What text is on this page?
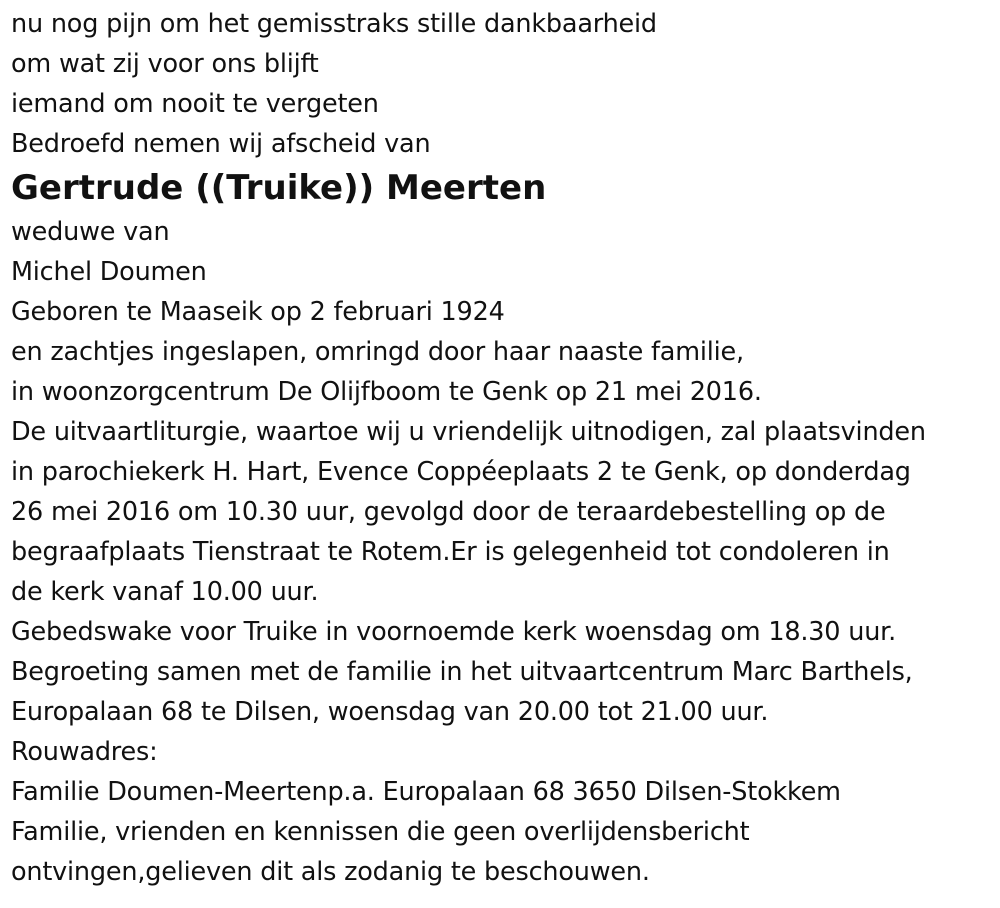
nu nog pijn om het gemisstraks stille dankbaarheid
om wat zij voor ons blijft
iemand om nooit te vergeten
Bedroefd nemen wij afscheid van
Gertrude ((Truike)) Meerten
weduwe van
Michel Doumen
Geboren te Maaseik op 2 februari 1924
en zachtjes ingeslapen, omringd door haar naaste familie,
in woonzorgcentrum De Olijfboom te Genk op 21 mei 2016.
De uitvaartliturgie, waartoe wij u vriendelijk uitnodigen, zal plaatsvinden
in parochiekerk H. Hart, Evence Coppéeplaats 2 te Genk, op donderdag
26 mei 2016 om 10.30 uur, gevolgd door de teraardebestelling op de
begraafplaats Tienstraat te Rotem.Er is gelegenheid tot condoleren in
de kerk vanaf 10.00 uur.
Gebedswake voor Truike in voornoemde kerk woensdag om 18.30 uur.
Begroeting samen met de familie in het uitvaartcentrum Marc Barthels,
Europalaan 68 te Dilsen, woensdag van 20.00 tot 21.00 uur.
Rouwadres:
Familie Doumen-Meertenp.a. Europalaan 68 3650 Dilsen-Stokkem
Familie, vrienden en kennissen die geen overlijdensbericht
ontvingen,gelieven dit als zodanig te beschouwen.
